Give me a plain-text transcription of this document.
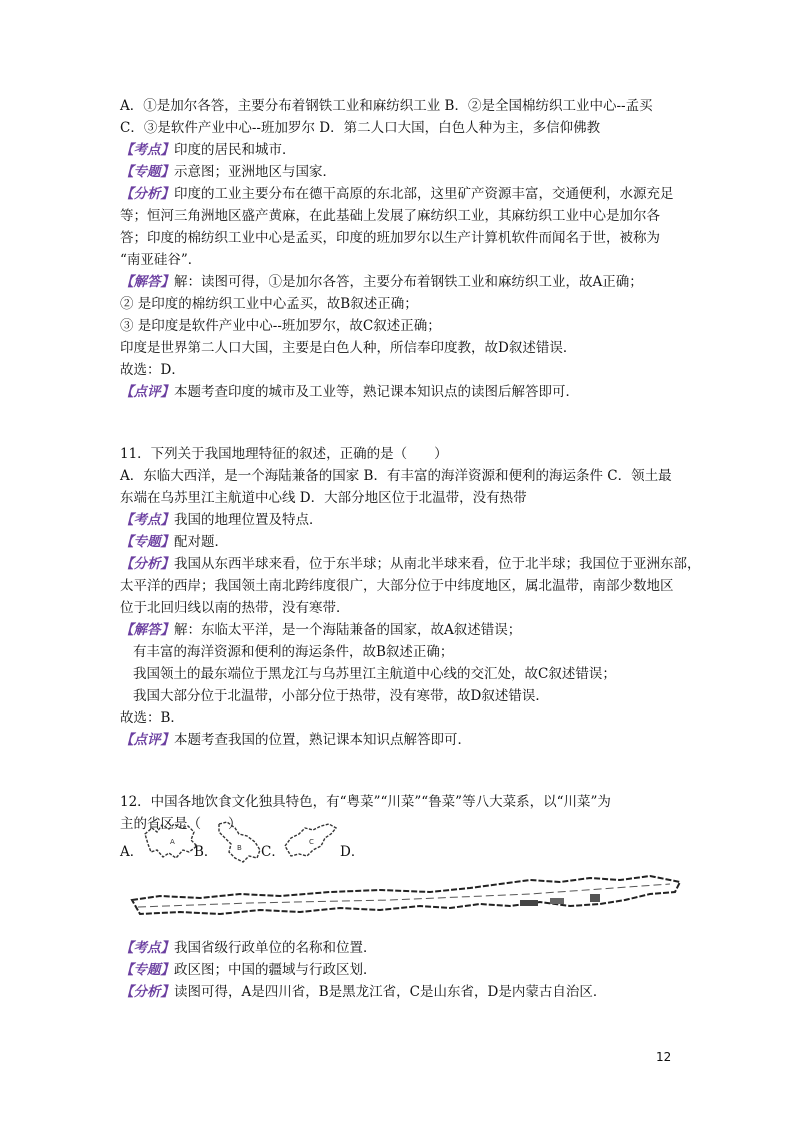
A．①是加尔各答，主要分布着钢铁工业和麻纺织工业 B．②是全国棉纺织工业中心--孟买
C．③是软件产业中心--班加罗尔 D．第二人口大国，白色人种为主，多信仰佛教
【考点】印度的居民和城市．
【专题】示意图；亚洲地区与国家．
【分析】印度的工业主要分布在德干高原的东北部，这里矿产资源丰富，交通便利，水源充足
等；恒河三角洲地区盛产黄麻，在此基础上发展了麻纺织工业，其麻纺织工业中心是加尔各
答；印度的棉纺织工业中心是孟买，印度的班加罗尔以生产计算机软件而闻名于世，被称为
“南亚硅谷”．
【解答】解：读图可得，①是加尔各答，主要分布着钢铁工业和麻纺织工业，故A正确；
② 是印度的棉纺织工业中心孟买，故B叙述正确；
③ 是印度是软件产业中心--班加罗尔，故C叙述正确；
印度是世界第二人口大国，主要是白色人种，所信奉印度教，故D叙述错误．
故选：D．
【点评】本题考查印度的城市及工业等，熟记课本知识点的读图后解答即可．
11．下列关于我国地理特征的叙述，正确的是（　　）
A．东临大西洋，是一个海陆兼备的国家 B．有丰富的海洋资源和便利的海运条件 C．领土最
东端在乌苏里江主航道中心线 D．大部分地区位于北温带，没有热带
【考点】我国的地理位置及特点．
【专题】配对题．
【分析】我国从东西半球来看，位于东半球；从南北半球来看，位于北半球；我国位于亚洲东部，
太平洋的西岸；我国领土南北跨纬度很广，大部分位于中纬度地区，属北温带，南部少数地区
位于北回归线以南的热带，没有寒带．
【解答】解：东临太平洋，是一个海陆兼备的国家，故A叙述错误；
有丰富的海洋资源和便利的海运条件，故B叙述正确；
我国领土的最东端位于黑龙江与乌苏里江主航道中心线的交汇处，故C叙述错误；
我国大部分位于北温带，小部分位于热带，没有寒带，故D叙述错误．
故选：B．
【点评】本题考查我国的位置，熟记课本知识点解答即可．
12．中国各地饮食文化独具特色，有“粤菜”“川菜”“鲁菜”等八大菜系，以“川菜”为
主的省区是（　　）
A．
A
B．	B C．
C
D．
【考点】我国省级行政单位的名称和位置．
【专题】政区图；中国的疆域与行政区划．
【分析】读图可得，A是四川省，B是黑龙江省，C是山东省，D是内蒙古自治区．
12
